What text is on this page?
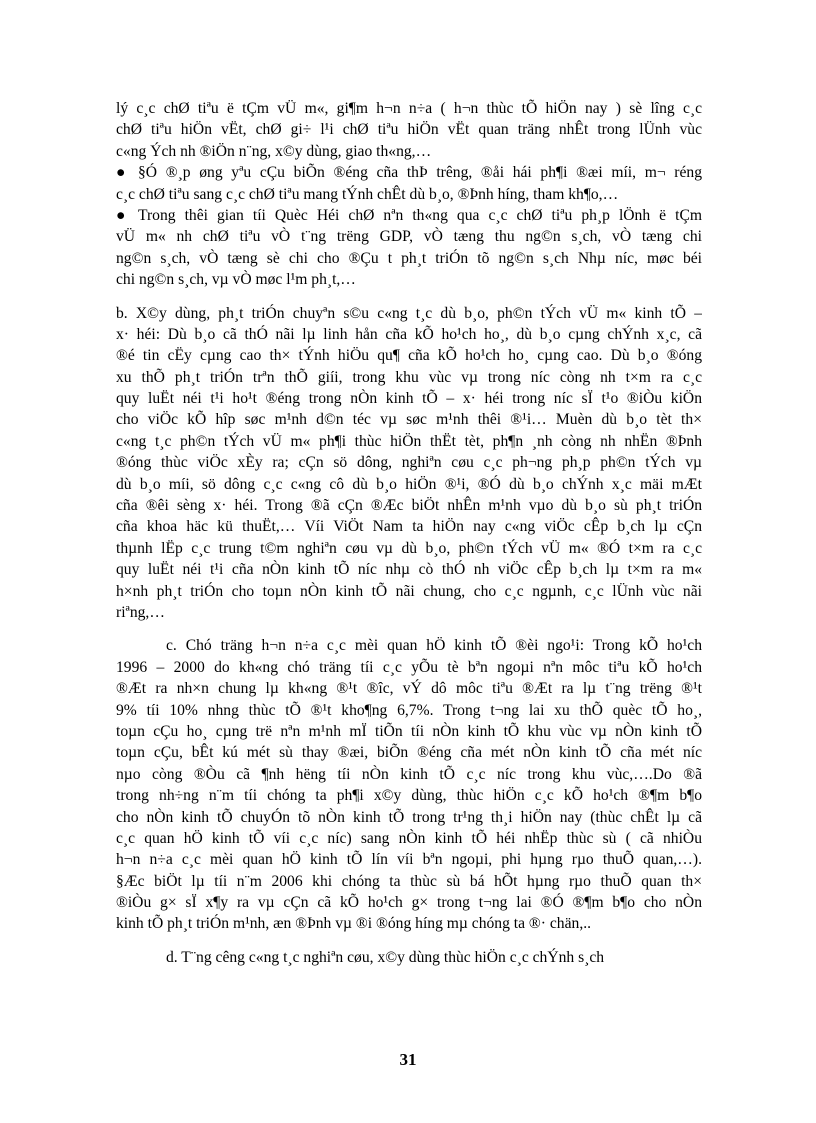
lý c¸c chØ tiªu ë tÇm vÜ m«, gi¶m h¬n n÷a ( h¬n thùc tÕ hiÖn nay ) sè lîng c¸c
chØ tiªu hiÖn vËt, chØ gi÷ l¹i chØ tiªu hiÖn vËt quan träng nhÊt trong lÜnh vùc
c«ng Ých nh ®iÖn n¨ng, x©y dùng, giao th«ng,…

● §Ó ®¸p øng yªu cÇu biÕn ®éng cña thÞ trêng, ®åi hái ph¶i ®æi míi, m¬ réng
c¸c chØ tiªu sang c¸c chØ tiªu mang tÝnh chÊt dù b¸o, ®Þnh híng, tham kh¶o,…

● Trong thêi gian tíi Quèc Héi chØ nªn th«ng qua c¸c chØ tiªu ph¸p lÖnh ë tÇm
vÜ m« nh chØ tiªu vÒ t¨ng trëng GDP, vÒ tæng thu ng©n s¸ch, vÒ tæng chi
ng©n s¸ch, vÒ tæng sè chi cho ®Çu t ph¸t triÓn tõ ng©n s¸ch Nhµ níc, møc béi
chi ng©n s¸ch, vµ vÒ møc l¹m ph¸t,…

b. X©y dùng, ph¸t triÓn chuyªn s©u c«ng t¸c dù b¸o, ph©n tÝch vÜ m« kinh tÕ –
x· héi: Dù b¸o cã thÓ nãi lµ linh hån cña kÕ ho¹ch ho¸, dù b¸o cµng chÝnh x¸c, cã
®é tin cËy cµng cao th× tÝnh hiÖu qu¶ cña kÕ ho¹ch ho¸ cµng cao. Dù b¸o ®óng
xu thÕ ph¸t triÓn trªn thÕ giíi, trong khu vùc vµ trong níc còng nh t×m ra c¸c
quy luËt néi t¹i ho¹t ®éng trong nÒn kinh tÕ – x· héi trong níc sÏ t¹o ®iÒu kiÖn
cho viÖc kÕ hîp søc m¹nh d©n téc vµ søc m¹nh thêi ®¹i… Muèn dù b¸o tèt th×
c«ng t¸c ph©n tÝch vÜ m« ph¶i thùc hiÖn thËt tèt, ph¶n ¸nh còng nh nhËn ®Þnh
®óng thùc viÖc xÈy ra; cÇn sö dông, nghiªn cøu c¸c ph¬ng ph¸p ph©n tÝch vµ
dù b¸o míi, sö dông c¸c c«ng cô dù b¸o hiÖn ®¹i, ®Ó dù b¸o chÝnh x¸c mäi mÆt
cña ®êi sèng x· héi. Trong ®ã cÇn ®Æc biÖt nhÊn m¹nh vµo dù b¸o sù ph¸t triÓn
cña khoa häc kü thuËt,… Víi ViÖt Nam ta hiÖn nay c«ng viÖc cÊp b¸ch lµ cÇn
thµnh lËp c¸c trung t©m nghiªn cøu vµ dù b¸o, ph©n tÝch vÜ m« ®Ó t×m ra c¸c
quy luËt néi t¹i cña nÒn kinh tÕ níc nhµ cò thÓ nh viÖc cÊp b¸ch lµ t×m ra m«
h×nh ph¸t triÓn cho toµn nÒn kinh tÕ nãi chung, cho c¸c ngµnh, c¸c lÜnh vùc nãi
riªng,…

c. Chó träng h¬n n÷a c¸c mèi quan hÖ kinh tÕ ®èi ngo¹i: Trong kÕ ho¹ch
1996 – 2000 do kh«ng chó träng tíi c¸c yÕu tè bªn ngoµi nªn môc tiªu kÕ ho¹ch
®Æt ra nh×n chung lµ kh«ng ®¹t ®îc, vÝ dô môc tiªu ®Æt ra lµ t¨ng trëng ®¹t
9% tíi 10% nhng thùc tÕ ®¹t kho¶ng 6,7%. Trong t¬ng lai xu thÕ quèc tÕ ho¸,
toµn cÇu ho¸ cµng trë nªn m¹nh mÏ tiÕn tíi nÒn kinh tÕ khu vùc vµ nÒn kinh tÕ
toµn cÇu, bÊt kú mét sù thay ®æi, biÕn ®éng cña mét nÒn kinh tÕ cña mét níc
nµo còng ®Òu cã ¶nh hëng tíi nÒn kinh tÕ c¸c níc trong khu vùc,….Do ®ã
trong nh÷ng n¨m tíi chóng ta ph¶i x©y dùng, thùc hiÖn c¸c kÕ ho¹ch ®¶m b¶o
cho nÒn kinh tÕ chuyÓn tõ nÒn kinh tÕ trong tr¹ng th¸i hiÖn nay (thùc chÊt lµ cã
c¸c quan hÖ kinh tÕ víi c¸c níc) sang nÒn kinh tÕ héi nhËp thùc sù ( cã nhiÒu
h¬n n÷a c¸c mèi quan hÖ kinh tÕ lín víi bªn ngoµi, phi hµng rµo thuÕ quan,…).
§Æc biÖt lµ tíi n¨m 2006 khi chóng ta thùc sù bá hÕt hµng rµo thuÕ quan th×
®iÒu g× sÏ x¶y ra vµ cÇn cã kÕ ho¹ch g× trong t¬ng lai ®Ó ®¶m b¶o cho nÒn
kinh tÕ ph¸t triÓn m¹nh, æn ®Þnh vµ ®i ®óng híng mµ chóng ta ®· chän,..

d. T¨ng cêng c«ng t¸c nghiªn cøu, x©y dùng thùc hiÖn c¸c chÝnh s¸ch

31
